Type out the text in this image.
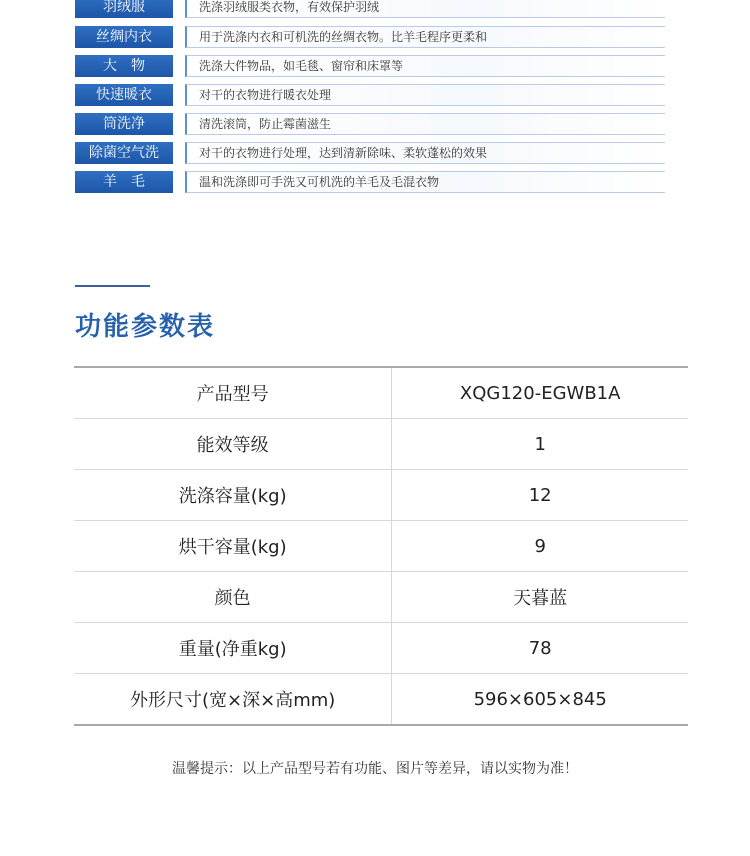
羽绒服	洗涤羽绒服类衣物，有效保护羽绒
丝绸内衣	用于洗涤内衣和可机洗的丝绸衣物。比羊毛程序更柔和
大　物	洗涤大件物品，如毛毯、窗帘和床罩等
快速暖衣	对干的衣物进行暖衣处理
筒洗净	清洗滚筒，防止霉菌滋生
除菌空气洗	对干的衣物进行处理，达到清新除味、柔软蓬松的效果
羊　毛	温和洗涤即可手洗又可机洗的羊毛及毛混衣物
功能参数表
产品型号	XQG120-EGWB1A
能效等级	1
洗涤容量(kg)	12
烘干容量(kg)	9
颜色	天暮蓝
重量(净重kg)	78
外形尺寸(宽×深×高mm)	596×605×845
温馨提示：以上产品型号若有功能、图片等差异，请以实物为准！
